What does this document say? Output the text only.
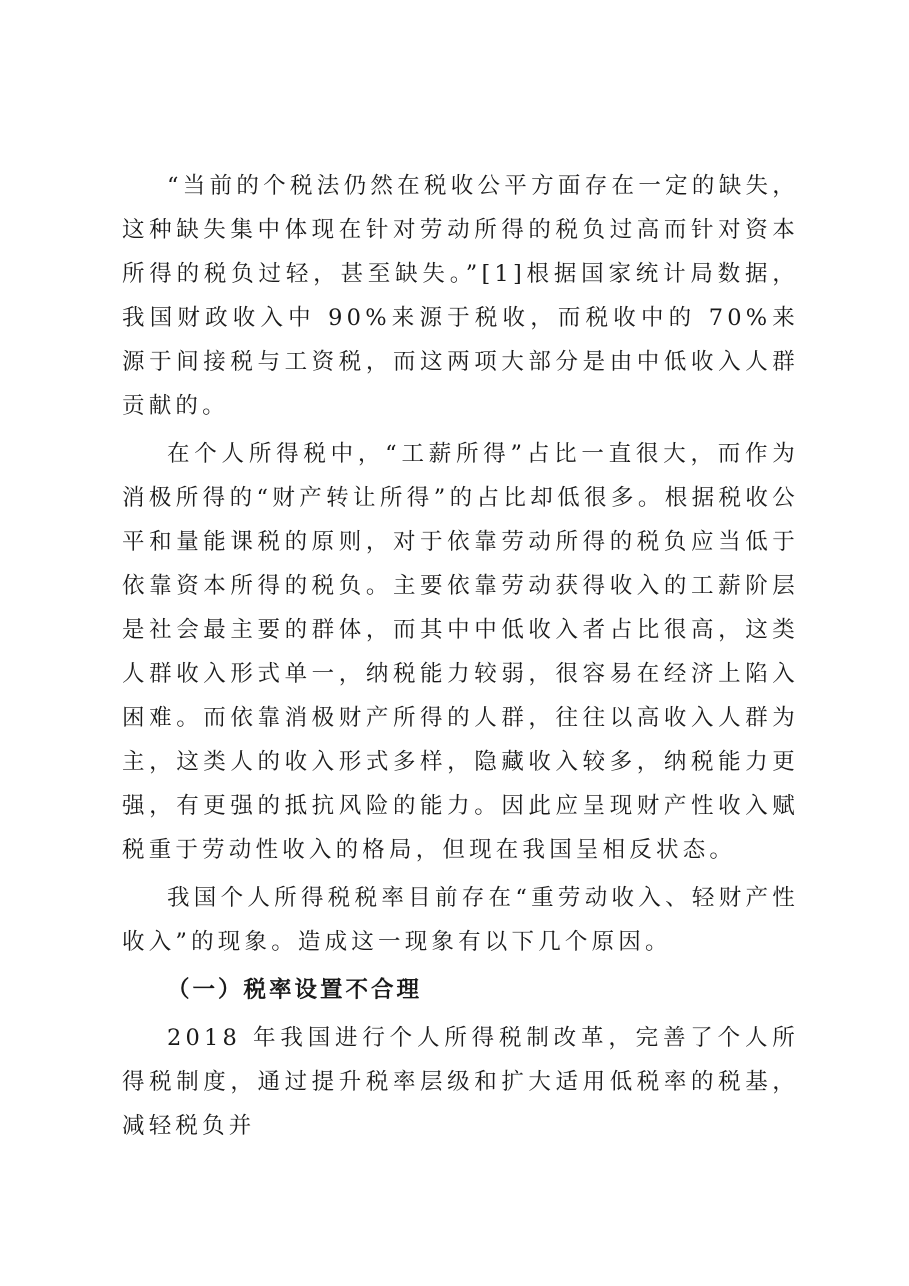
“当前的个税法仍然在税收公平方面存在一定的缺失，这种缺失集中体现在针对劳动所得的税负过高而针对资本所得的税负过轻，甚至缺失。”[1]根据国家统计局数据，我国财政收入中 90%来源于税收，而税收中的 70%来源于间接税与工资税，而这两项大部分是由中低收入人群贡献的。

在个人所得税中，“工薪所得”占比一直很大，而作为消极所得的“财产转让所得”的占比却低很多。根据税收公平和量能课税的原则，对于依靠劳动所得的税负应当低于依靠资本所得的税负。主要依靠劳动获得收入的工薪阶层是社会最主要的群体，而其中中低收入者占比很高，这类人群收入形式单一，纳税能力较弱，很容易在经济上陷入困难。而依靠消极财产所得的人群，往往以高收入人群为主，这类人的收入形式多样，隐藏收入较多，纳税能力更强，有更强的抵抗风险的能力。因此应呈现财产性收入赋税重于劳动性收入的格局，但现在我国呈相反状态。

我国个人所得税税率目前存在“重劳动收入、轻财产性收入”的现象。造成这一现象有以下几个原因。

（一）税率设置不合理

2018 年我国进行个人所得税制改革，完善了个人所得税制度，通过提升税率层级和扩大适用低税率的税基，减轻税负并
